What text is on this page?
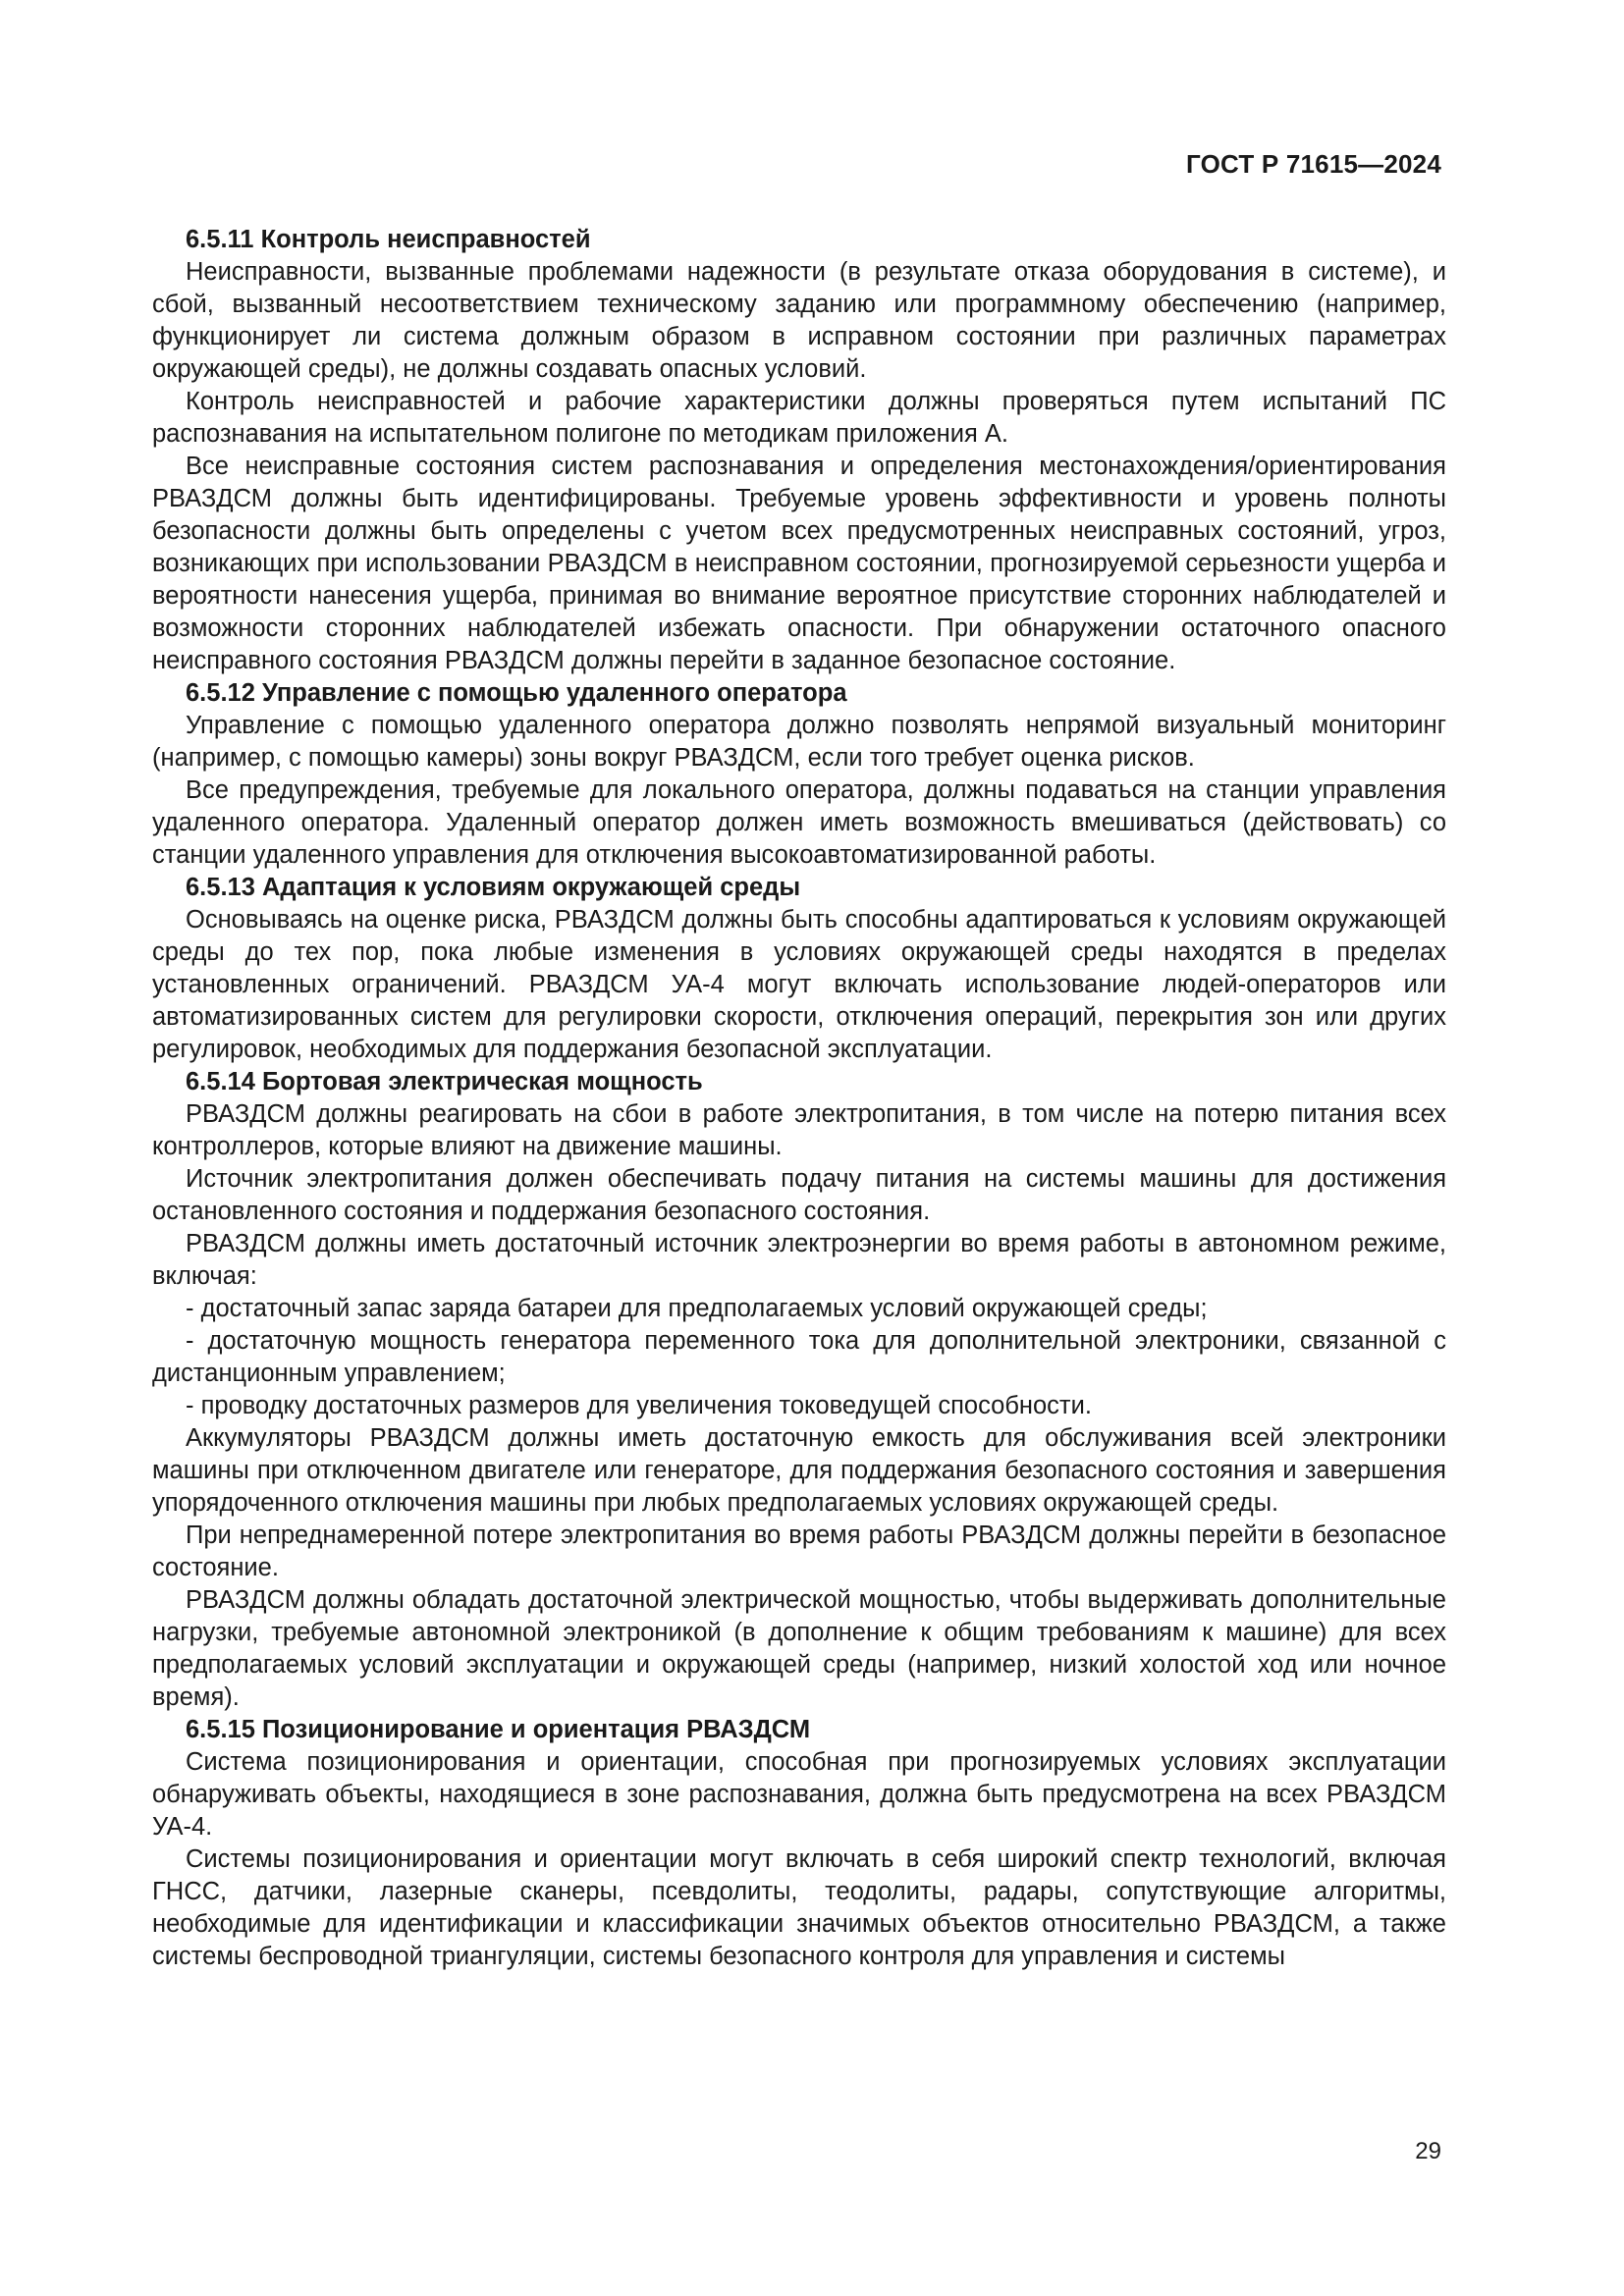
ГОСТ Р 71615—2024

6.5.11 Контроль неисправностей

Неисправности, вызванные проблемами надежности (в результате отказа оборудования в системе), и сбой, вызванный несоответствием техническому заданию или программному обеспечению (например, функционирует ли система должным образом в исправном состоянии при различных параметрах окружающей среды), не должны создавать опасных условий.

Контроль неисправностей и рабочие характеристики должны проверяться путем испытаний ПС распознавания на испытательном полигоне по методикам приложения А.

Все неисправные состояния систем распознавания и определения местонахождения/ориентирования РВАЗДСМ должны быть идентифицированы. Требуемые уровень эффективности и уровень полноты безопасности должны быть определены с учетом всех предусмотренных неисправных состояний, угроз, возникающих при использовании РВАЗДСМ в неисправном состоянии, прогнозируемой серьезности ущерба и вероятности нанесения ущерба, принимая во внимание вероятное присутствие сторонних наблюдателей и возможности сторонних наблюдателей избежать опасности. При обнаружении остаточного опасного неисправного состояния РВАЗДСМ должны перейти в заданное безопасное состояние.

6.5.12 Управление с помощью удаленного оператора

Управление с помощью удаленного оператора должно позволять непрямой визуальный мониторинг (например, с помощью камеры) зоны вокруг РВАЗДСМ, если того требует оценка рисков.

Все предупреждения, требуемые для локального оператора, должны подаваться на станции управления удаленного оператора. Удаленный оператор должен иметь возможность вмешиваться (действовать) со станции удаленного управления для отключения высокоавтоматизированной работы.

6.5.13 Адаптация к условиям окружающей среды

Основываясь на оценке риска, РВАЗДСМ должны быть способны адаптироваться к условиям окружающей среды до тех пор, пока любые изменения в условиях окружающей среды находятся в пределах установленных ограничений. РВАЗДСМ УА-4 могут включать использование людей-операторов или автоматизированных систем для регулировки скорости, отключения операций, перекрытия зон или других регулировок, необходимых для поддержания безопасной эксплуатации.

6.5.14 Бортовая электрическая мощность

РВАЗДСМ должны реагировать на сбои в работе электропитания, в том числе на потерю питания всех контроллеров, которые влияют на движение машины.

Источник электропитания должен обеспечивать подачу питания на системы машины для достижения остановленного состояния и поддержания безопасного состояния.

РВАЗДСМ должны иметь достаточный источник электроэнергии во время работы в автономном режиме, включая:

- достаточный запас заряда батареи для предполагаемых условий окружающей среды;

- достаточную мощность генератора переменного тока для дополнительной электроники, связанной с дистанционным управлением;

- проводку достаточных размеров для увеличения токоведущей способности.

Аккумуляторы РВАЗДСМ должны иметь достаточную емкость для обслуживания всей электроники машины при отключенном двигателе или генераторе, для поддержания безопасного состояния и завершения упорядоченного отключения машины при любых предполагаемых условиях окружающей среды.

При непреднамеренной потере электропитания во время работы РВАЗДСМ должны перейти в безопасное состояние.

РВАЗДСМ должны обладать достаточной электрической мощностью, чтобы выдерживать дополнительные нагрузки, требуемые автономной электроникой (в дополнение к общим требованиям к машине) для всех предполагаемых условий эксплуатации и окружающей среды (например, низкий холостой ход или ночное время).

6.5.15 Позиционирование и ориентация РВАЗДСМ

Система позиционирования и ориентации, способная при прогнозируемых условиях эксплуатации обнаруживать объекты, находящиеся в зоне распознавания, должна быть предусмотрена на всех РВАЗДСМ УА-4.

Системы позиционирования и ориентации могут включать в себя широкий спектр технологий, включая ГНСС, датчики, лазерные сканеры, псевдолиты, теодолиты, радары, сопутствующие алгоритмы, необходимые для идентификации и классификации значимых объектов относительно РВАЗДСМ, а также системы беспроводной триангуляции, системы безопасного контроля для управления и системы

29
